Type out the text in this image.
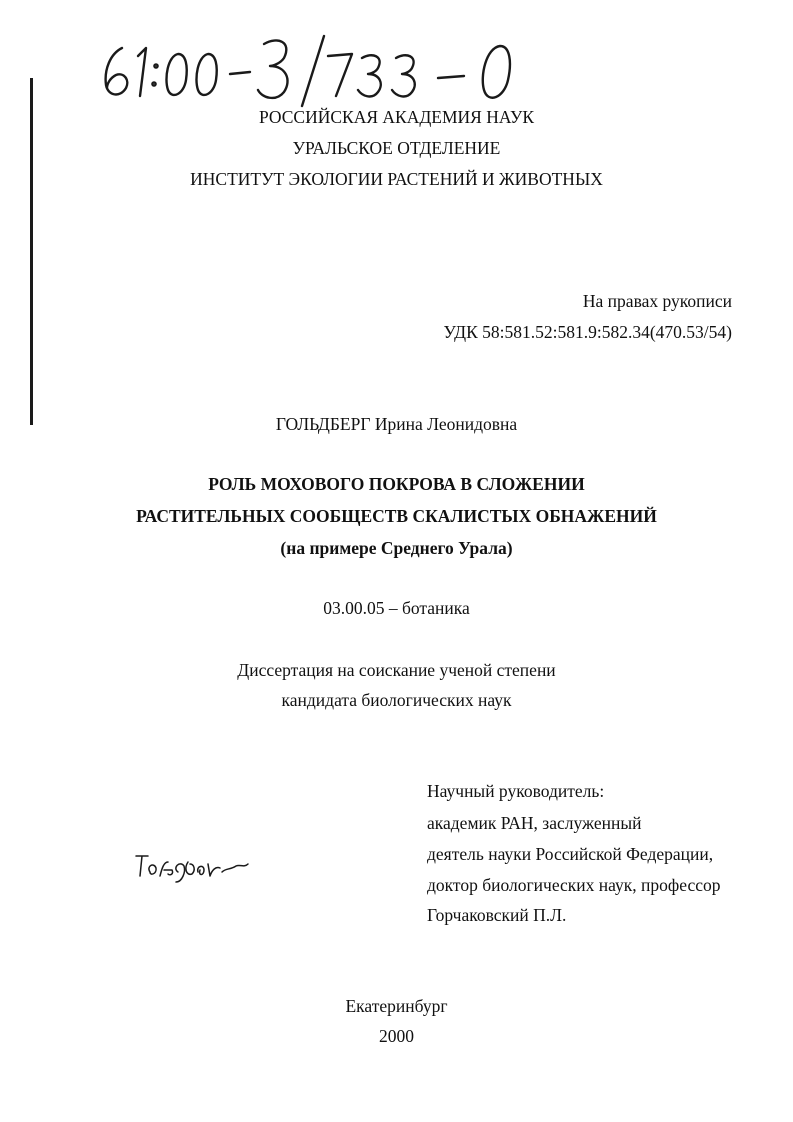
РОССИЙСКАЯ АКАДЕМИЯ НАУК
УРАЛЬСКОЕ ОТДЕЛЕНИЕ
ИНСТИТУТ ЭКОЛОГИИ РАСТЕНИЙ И ЖИВОТНЫХ
На правах рукописи
УДК 58:581.52:581.9:582.34(470.53/54)
ГОЛЬДБЕРГ Ирина Леонидовна
РОЛЬ МОХОВОГО ПОКРОВА В СЛОЖЕНИИ
РАСТИТЕЛЬНЫХ СООБЩЕСТВ СКАЛИСТЫХ ОБНАЖЕНИЙ
(на примере Среднего Урала)
03.00.05 – ботаника
Диссертация на соискание ученой степени
кандидата биологических наук
Научный руководитель:
академик РАН, заслуженный
деятель науки Российской Федерации,
доктор биологических наук, профессор
Горчаковский П.Л.
Екатеринбург
2000
